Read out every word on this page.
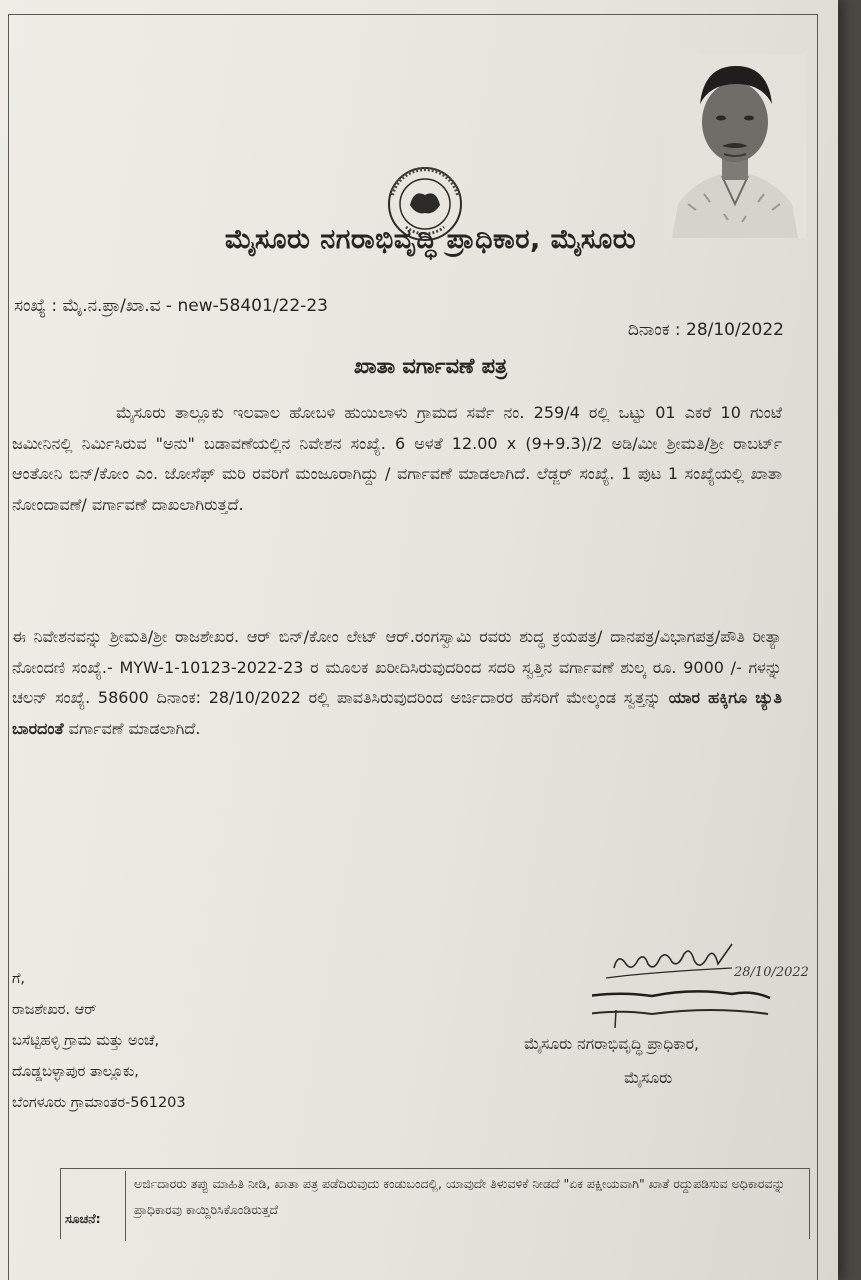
ಮೈಸೂರು ನಗರಾಭಿವೃದ್ಧಿ ಪ್ರಾಧಿಕಾರ, ಮೈಸೂರು
ಸಂಖ್ಯೆ : ಮೈ.ನ.ಪ್ರಾ/ಖಾ.ವ - new-58401/22-23
ದಿನಾಂಕ : 28/10/2022
ಖಾತಾ ವರ್ಗಾವಣೆ ಪತ್ರ
ಮೈಸೂರು ತಾಲ್ಲೂಕು ಇಲವಾಲ ಹೋಬಳಿ ಹುಯಿಲಾಳು ಗ್ರಾಮದ ಸರ್ವೆ ನಂ. 259/4 ರಲ್ಲಿ ಒಟ್ಟು 01 ಎಕರೆ 10 ಗುಂಟೆ ಜಮೀನಿನಲ್ಲಿ ನಿರ್ಮಿಸಿರುವ "ಅನು" ಬಡಾವಣೆಯಲ್ಲಿನ ನಿವೇಶನ ಸಂಖ್ಯೆ. 6 ಅಳತೆ 12.00 x (9+9.3)/2 ಅಡಿ/ಮೀ ಶ್ರೀಮತಿ/ಶ್ರೀ ರಾಬರ್ಟ್ ಆಂತೋನಿ ಬಿನ್/ಕೋಂ ಎಂ. ಜೋಸೆಫ್ ಮರಿ ರವರಿಗೆ ಮಂಜೂರಾಗಿದ್ದು / ವರ್ಗಾವಣೆ ಮಾಡಲಾಗಿದೆ. ಲೆಡ್ಜರ್ ಸಂಖ್ಯೆ. 1 ಪುಟ 1 ಸಂಖ್ಯೆಯಲ್ಲಿ ಖಾತಾ ನೋಂದಾವಣೆ/ ವರ್ಗಾವಣೆ ದಾಖಲಾಗಿರುತ್ತದೆ.
ಈ ನಿವೇಶನವನ್ನು ಶ್ರೀಮತಿ/ಶ್ರೀ ರಾಜಶೇಖರ. ಆರ್ ಬಿನ್/ಕೋಂ ಲೇಟ್ ಆರ್.ರಂಗಸ್ವಾಮಿ ರವರು ಶುದ್ಧ ಕ್ರಯಪತ್ರ/ ದಾನಪತ್ರ/ವಿಭಾಗಪತ್ರ/ಪೌತಿ ರೀತ್ಯಾ ನೋಂದಣಿ ಸಂಖ್ಯೆ.- MYW-1-10123-2022-23 ರ ಮೂಲಕ ಖರೀದಿಸಿರುವುದರಿಂದ ಸದರಿ ಸ್ವತ್ತಿನ ವರ್ಗಾವಣೆ ಶುಲ್ಕ ರೂ. 9000 /- ಗಳನ್ನು ಚಲನ್ ಸಂಖ್ಯೆ. 58600 ದಿನಾಂಕ: 28/10/2022 ರಲ್ಲಿ ಪಾವತಿಸಿರುವುದರಿಂದ ಅರ್ಜಿದಾರರ ಹೆಸರಿಗೆ ಮೇಲ್ಕಂಡ ಸ್ವತ್ತನ್ನು ಯಾರ ಹಕ್ಕಿಗೂ ಚ್ಯುತಿ ಬಾರದಂತೆ ವರ್ಗಾವಣೆ ಮಾಡಲಾಗಿದೆ.
ಗೆ,
ರಾಜಶೇಖರ. ಆರ್
ಬಸೆಟ್ಟಿಹಳ್ಳಿ ಗ್ರಾಮ ಮತ್ತು ಅಂಚೆ,
ದೊಡ್ಡಬಳ್ಳಾಪುರ ತಾಲ್ಲೂಕು,
ಬೆಂಗಳೂರು ಗ್ರಾಮಾಂತರ-561203
28/10/2022
ಮೈಸೂರು ನಗರಾಭಿವೃದ್ಧಿ ಪ್ರಾಧಿಕಾರ,
ಮೈಸೂರು
ಸೂಚನೆ:
ಅರ್ಜಿದಾರರು ತಪ್ಪು ಮಾಹಿತಿ ನೀಡಿ, ಖಾತಾ ಪತ್ರ ಪಡೆದಿರುವುದು ಕಂಡುಬಂದಲ್ಲಿ, ಯಾವುದೇ ತಿಳುವಳಿಕೆ ನೀಡದೆ "ಏಕ ಪಕ್ಷೀಯವಾಗಿ" ಖಾತೆ ರದ್ದುಪಡಿಸುವ ಅಧಿಕಾರವನ್ನು ಪ್ರಾಧಿಕಾರವು ಕಾಯ್ದಿರಿಸಿಕೊಂಡಿರುತ್ತದೆ
